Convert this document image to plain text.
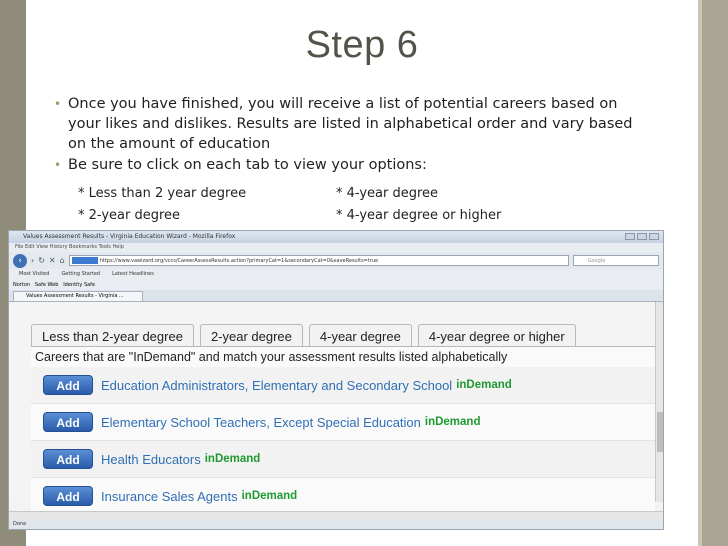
Step 6
• Once you have finished, you will receive a list of potential careers based on your likes and dislikes. Results are listed in alphabetical order and vary based on the amount of education
• Be sure to click on each tab to view your options:
* Less than 2 year degree	* 4-year degree
* 2-year degree	* 4-year degree or higher
Values Assessment Results - Virginia Education Wizard - Mozilla Firefox
File Edit View History Bookmarks Tools Help
‹	› ↻ ✕ ⌂	https://www.vawizard.org/vccs/CareerAssessResults.action?primaryCat=1&secondaryCat=0&saveResults=true	Google
Most Visited Getting Started Latest Headlines
Norton Safe Web Identity Safe
Values Assessment Results - Virginia ...
Less than 2-year degree	2-year degree	4-year degree	4-year degree or higher
Careers that are "InDemand" and match your assessment results listed alphabetically
Add	Education Administrators, Elementary and Secondary School inDemand
Add	Elementary School Teachers, Except Special Education inDemand
Add	Health Educators inDemand
Add	Insurance Sales Agents inDemand
Done
